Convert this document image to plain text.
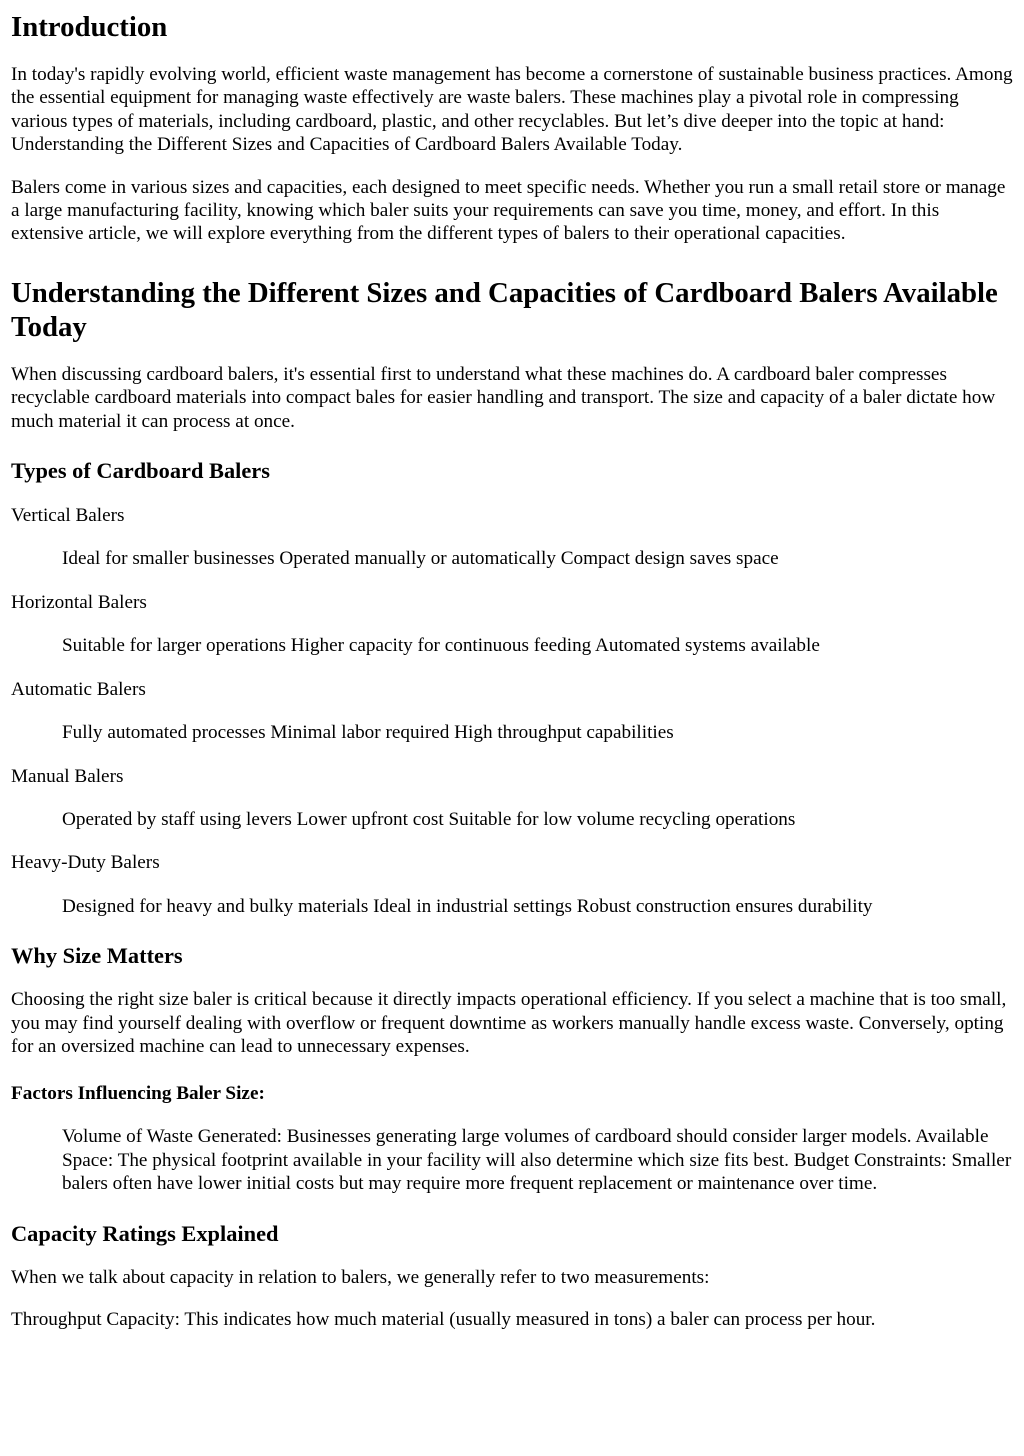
Introduction

In today's rapidly evolving world, efficient waste management has become a cornerstone of sustainable business practices. Among the essential equipment for managing waste effectively are waste balers. These machines play a pivotal role in compressing various types of materials, including cardboard, plastic, and other recyclables. But let’s dive deeper into the topic at hand: Understanding the Different Sizes and Capacities of Cardboard Balers Available Today.

Balers come in various sizes and capacities, each designed to meet specific needs. Whether you run a small retail store or manage a large manufacturing facility, knowing which baler suits your requirements can save you time, money, and effort. In this extensive article, we will explore everything from the different types of balers to their operational capacities.

Understanding the Different Sizes and Capacities of Cardboard Balers Available Today

When discussing cardboard balers, it's essential first to understand what these machines do. A cardboard baler compresses recyclable cardboard materials into compact bales for easier handling and transport. The size and capacity of a baler dictate how much material it can process at once.

Types of Cardboard Balers
Vertical Balers
Ideal for smaller businesses Operated manually or automatically Compact design saves space
Horizontal Balers
Suitable for larger operations Higher capacity for continuous feeding Automated systems available
Automatic Balers
Fully automated processes Minimal labor required High throughput capabilities
Manual Balers
Operated by staff using levers Lower upfront cost Suitable for low volume recycling operations
Heavy-Duty Balers
Designed for heavy and bulky materials Ideal in industrial settings Robust construction ensures durability
Why Size Matters

Choosing the right size baler is critical because it directly impacts operational efficiency. If you select a machine that is too small, you may find yourself dealing with overflow or frequent downtime as workers manually handle excess waste. Conversely, opting for an oversized machine can lead to unnecessary expenses.

Factors Influencing Baler Size:
Volume of Waste Generated: Businesses generating large volumes of cardboard should consider larger models. Available Space: The physical footprint available in your facility will also determine which size fits best. Budget Constraints: Smaller balers often have lower initial costs but may require more frequent replacement or maintenance over time.
Capacity Ratings Explained

When we talk about capacity in relation to balers, we generally refer to two measurements:

Throughput Capacity: This indicates how much material (usually measured in tons) a baler can process per hour.
